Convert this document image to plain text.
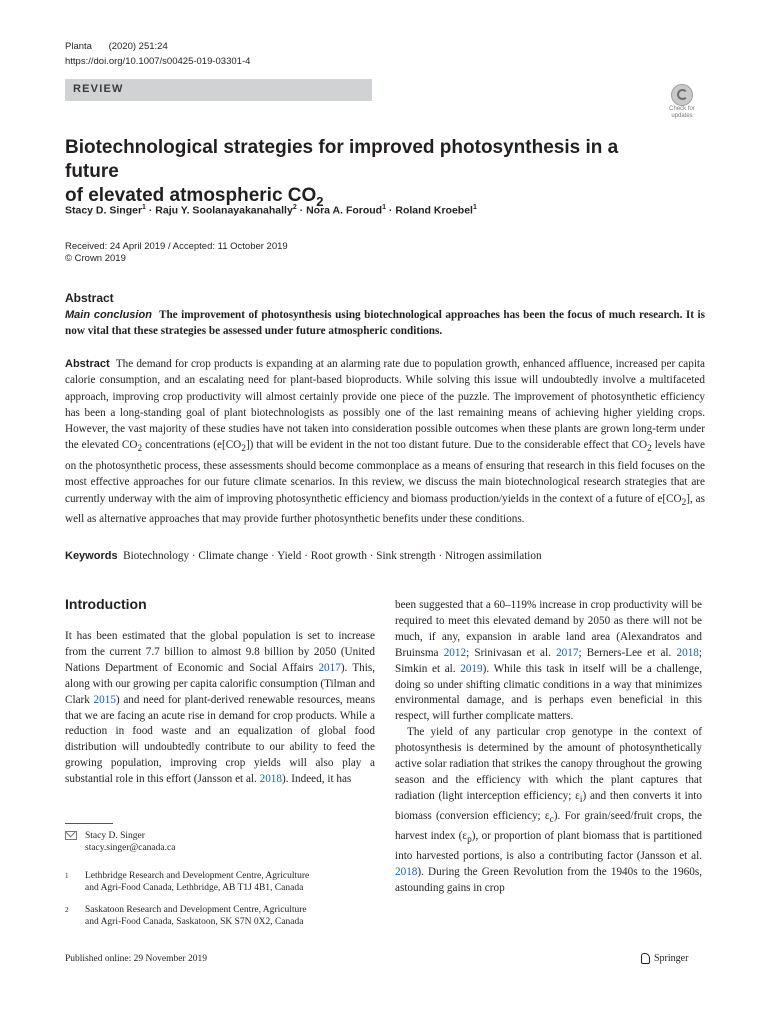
Planta (2020) 251:24
https://doi.org/10.1007/s00425-019-03301-4
REVIEW
Check for
updates
Biotechnological strategies for improved photosynthesis in a future
of elevated atmospheric $CO_2$
Stacy D. Singer$^1$ · Raju Y. Soolanayakanahally$^2$ · Nora A. Foroud$^1$ · Roland Kroebel$^1$
Received: 24 April 2019 / Accepted: 11 October 2019
© Crown 2019
Abstract
Main conclusion The improvement of photosynthesis using biotechnological approaches has been the focus of much research. It is now vital that these strategies be assessed under future atmospheric conditions.
Abstract The demand for crop products is expanding at an alarming rate due to population growth, enhanced affluence, increased per capita calorie consumption, and an escalating need for plant-based bioproducts. While solving this issue will undoubtedly involve a multifaceted approach, improving crop productivity will almost certainly provide one piece of the puzzle. The improvement of photosynthetic efficiency has been a long-standing goal of plant biotechnologists as possibly one of the last remaining means of achieving higher yielding crops. However, the vast majority of these studies have not taken into consideration possible outcomes when these plants are grown long-term under the elevated $CO_2$ concentrations $(e[CO_2])$ that will be evident in the not too distant future. Due to the considerable effect that $CO_2$ levels have on the photosynthetic process, these assessments should become commonplace as a means of ensuring that research in this field focuses on the most effective approaches for our future climate scenarios. In this review, we discuss the main biotechnological research strategies that are currently underway with the aim of improving photosynthetic efficiency and biomass production/yields in the context of a future of $e[CO_2]$, as well as alternative approaches that may provide further photosynthetic benefits under these conditions.
Keywords Biotechnology · Climate change · Yield · Root growth · Sink strength · Nitrogen assimilation
Introduction
It has been estimated that the global population is set to increase from the current 7.7 billion to almost 9.8 billion by 2050 (United Nations Department of Economic and Social Affairs 2017). This, along with our growing per capita calorific consumption (Tilman and Clark 2015) and need for plant-derived renewable resources, means that we are facing an acute rise in demand for crop products. While a reduction in food waste and an equalization of global food distribution will undoubtedly contribute to our ability to feed the growing population, improving crop yields will also play a substantial role in this effort (Jansson et al. 2018). Indeed, it has

been suggested that a 60–119% increase in crop productivity will be required to meet this elevated demand by 2050 as there will not be much, if any, expansion in arable land area (Alexandratos and Bruinsma 2012; Srinivasan et al. 2017; Berners-Lee et al. 2018; Simkin et al. 2019). While this task in itself will be a challenge, doing so under shifting climatic conditions in a way that minimizes environmental damage, and is perhaps even beneficial in this respect, will further complicate matters.

The yield of any particular crop genotype in the context of photosynthesis is determined by the amount of photosynthetically active solar radiation that strikes the canopy throughout the growing season and the efficiency with which the plant captures that radiation (light interception efficiency; $\varepsilon_i$) and then converts it into biomass (conversion efficiency; $\varepsilon_c$). For grain/seed/fruit crops, the harvest index $(\varepsilon_p)$, or proportion of plant biomass that is partitioned into harvested portions, is also a contributing factor (Jansson et al. 2018). During the Green Revolution from the 1940s to the 1960s, astounding gains in crop

Stacy D. Singer
stacy.singer@canada.ca
1 Lethbridge Research and Development Centre, Agriculture
and Agri-Food Canada, Lethbridge, AB T1J 4B1, Canada
2 Saskatoon Research and Development Centre, Agriculture
and Agri-Food Canada, Saskatoon, SK S7N 0X2, Canada
Published online: 29 November 2019	Springer
